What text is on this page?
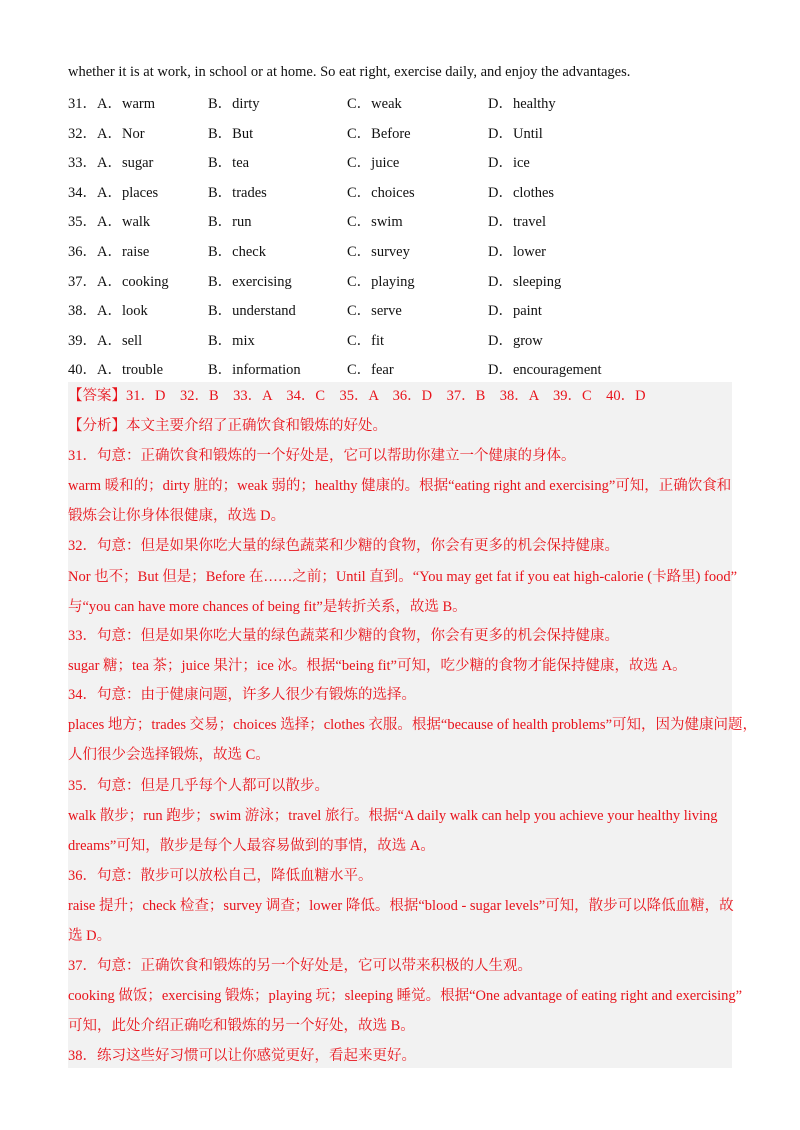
whether it is at work, in school or at home. So eat right, exercise daily, and enjoy the advantages.
31．A．warm	B．dirty	C．weak	D．healthy
32．A．Nor	B．But	C．Before	D．Until
33．A．sugar	B．tea	C．juice	D．ice
34．A．places	B．trades	C．choices	D．clothes
35．A．walk	B．run	C．swim	D．travel
36．A．raise	B．check	C．survey	D．lower
37．A．cooking	B．exercising	C．playing	D．sleeping
38．A．look	B．understand	C．serve	D．paint
39．A．sell	B．mix	C．fit	D．grow
40．A．trouble	B．information	C．fear	D．encouragement
【答案】31．D　32．B　33．A　34．C　35．A　36．D　37．B　38．A　39．C　40．D
【分析】本文主要介绍了正确饮食和锻炼的好处。
31．句意：正确饮食和锻炼的一个好处是，它可以帮助你建立一个健康的身体。
warm 暖和的；dirty 脏的；weak 弱的；healthy 健康的。根据“eating right and exercising”可知，正确饮食和
锻炼会让你身体很健康，故选 D。
32．句意：但是如果你吃大量的绿色蔬菜和少糖的食物，你会有更多的机会保持健康。
Nor 也不；But 但是；Before 在……之前；Until 直到。“You may get fat if you eat high-calorie (卡路里) food”
与“you can have more chances of being fit”是转折关系，故选 B。
33．句意：但是如果你吃大量的绿色蔬菜和少糖的食物，你会有更多的机会保持健康。
sugar 糖；tea 茶；juice 果汁；ice 冰。根据“being fit”可知，吃少糖的食物才能保持健康，故选 A。
34．句意：由于健康问题，许多人很少有锻炼的选择。
places 地方；trades 交易；choices 选择；clothes 衣服。根据“because of health problems”可知，因为健康问题，
人们很少会选择锻炼，故选 C。
35．句意：但是几乎每个人都可以散步。
walk 散步；run 跑步；swim 游泳；travel 旅行。根据“A daily walk can help you achieve your healthy living
dreams”可知，散步是每个人最容易做到的事情，故选 A。
36．句意：散步可以放松自己，降低血糖水平。
raise 提升；check 检查；survey 调查；lower 降低。根据“blood - sugar levels”可知，散步可以降低血糖，故
选 D。
37．句意：正确饮食和锻炼的另一个好处是，它可以带来积极的人生观。
cooking 做饭；exercising 锻炼；playing 玩；sleeping 睡觉。根据“One advantage of eating right and exercising”
可知，此处介绍正确吃和锻炼的另一个好处，故选 B。
38．练习这些好习惯可以让你感觉更好，看起来更好。
